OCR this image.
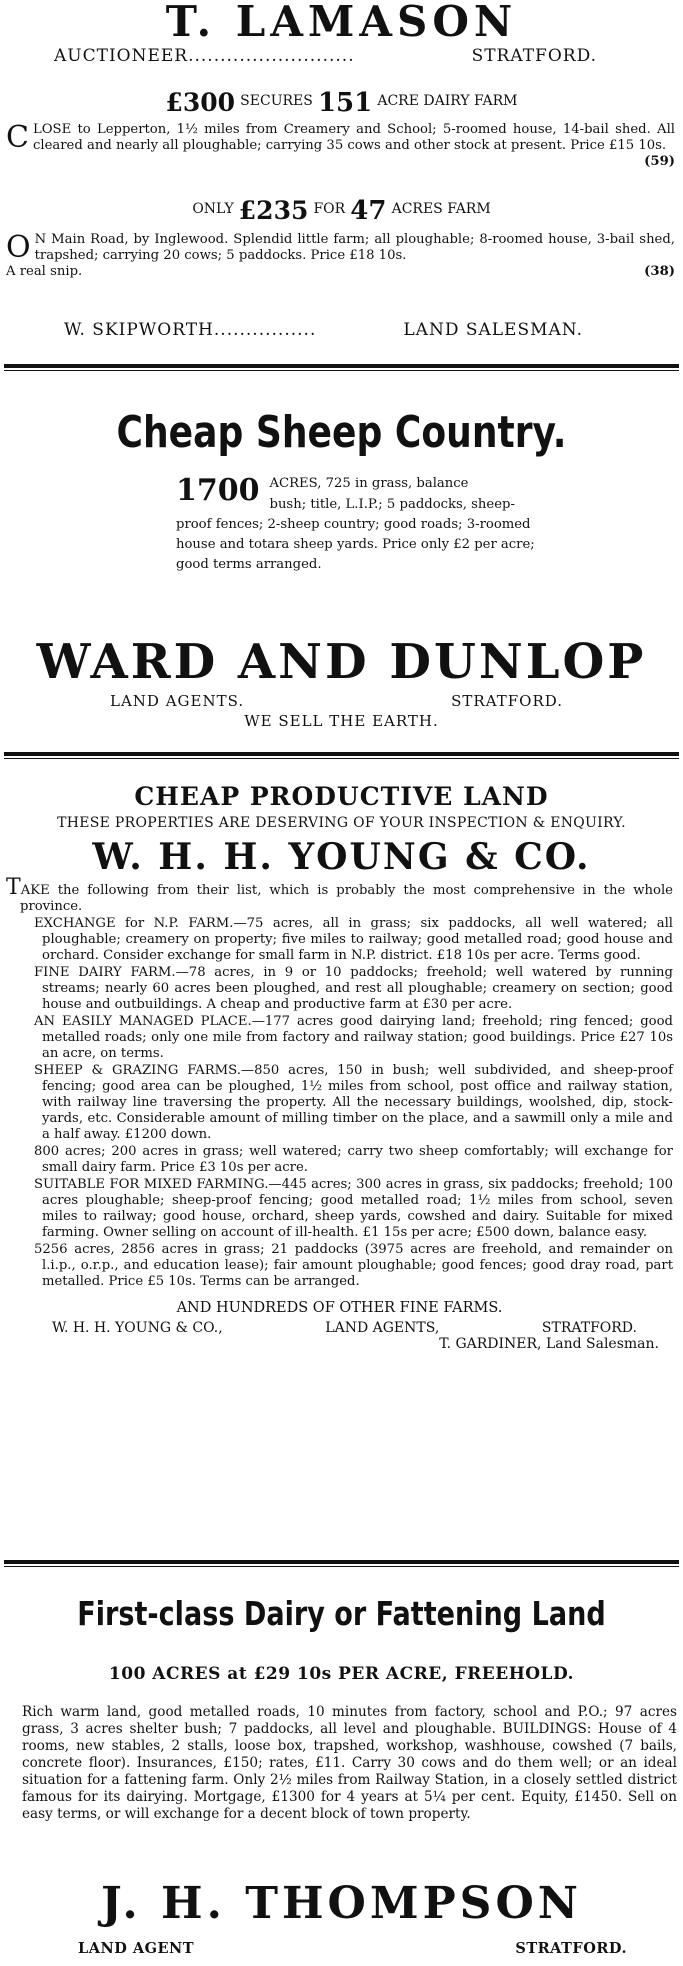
T. LAMASON
AUCTIONEER..........................	STRATFORD.
£300 SECURES 151 ACRE DAIRY FARM
CLOSE to Lepperton, 1½ miles from Creamery and School; 5-roomed house, 14-bail shed. All cleared and nearly all ploughable; carrying 35 cows and other stock at present. Price £15 10s.
(59)
ONLY £235 FOR 47 ACRES FARM
O N Main Road, by Inglewood. Splendid little farm; all ploughable; 8-roomed house, 3-bail shed, trapshed; carrying 20 cows; 5 paddocks. Price £18 10s.
A real snip.	(38)
W. SKIPWORTH................	LAND SALESMAN.
Cheap Sheep Country.

1700 ACRES, 725 in grass, balance
bush; title, L.I.P.; 5 paddocks, sheep-proof fences; 2-sheep country; good roads; 3-roomed house and totara sheep yards. Price only £2 per acre; good terms arranged.

WARD AND DUNLOP
LAND AGENTS.	STRATFORD.
WE SELL THE EARTH.
CHEAP PRODUCTIVE LAND
THESE PROPERTIES ARE DESERVING OF YOUR INSPECTION & ENQUIRY.
W. H. H. YOUNG & CO.

TAKE the following from their list, which is probably the most comprehensive in the whole province.

EXCHANGE for N.P. FARM.—75 acres, all in grass; six paddocks, all well watered; all ploughable; creamery on property; five miles to railway; good metalled road; good house and orchard. Consider exchange for small farm in N.P. district. £18 10s per acre. Terms good.

FINE DAIRY FARM.—78 acres, in 9 or 10 paddocks; freehold; well watered by running streams; nearly 60 acres been ploughed, and rest all ploughable; creamery on section; good house and outbuildings. A cheap and productive farm at £30 per acre.

AN EASILY MANAGED PLACE.—177 acres good dairying land; freehold; ring fenced; good metalled roads; only one mile from factory and railway station; good buildings. Price £27 10s an acre, on terms.

SHEEP & GRAZING FARMS.—850 acres, 150 in bush; well subdivided, and sheep-proof fencing; good area can be ploughed, 1½ miles from school, post office and railway station, with railway line traversing the property. All the necessary buildings, woolshed, dip, stock-yards, etc. Considerable amount of milling timber on the place, and a sawmill only a mile and a half away. £1200 down.

800 acres; 200 acres in grass; well watered; carry two sheep comfortably; will exchange for small dairy farm. Price £3 10s per acre.

SUITABLE FOR MIXED FARMING.—445 acres; 300 acres in grass, six paddocks; freehold; 100 acres ploughable; sheep-proof fencing; good metalled road; 1½ miles from school, seven miles to railway; good house, orchard, sheep yards, cowshed and dairy. Suitable for mixed farming. Owner selling on account of ill-health. £1 15s per acre; £500 down, balance easy.

5256 acres, 2856 acres in grass; 21 paddocks (3975 acres are freehold, and remainder on l.i.p., o.r.p., and education lease); fair amount ploughable; good fences; good dray road, part metalled. Price £5 10s. Terms can be arranged.

AND HUNDREDS OF OTHER FINE FARMS.
W. H. H. YOUNG & CO.,	LAND AGENTS,	STRATFORD.
T. GARDINER, Land Salesman.
First-class Dairy or Fattening Land
100 ACRES at £29 10s PER ACRE, FREEHOLD.

Rich warm land, good metalled roads, 10 minutes from factory, school and P.O.; 97 acres grass, 3 acres shelter bush; 7 paddocks, all level and ploughable. BUILDINGS: House of 4 rooms, new stables, 2 stalls, loose box, trapshed, workshop, washhouse, cowshed (7 bails, concrete floor). Insurances, £150; rates, £11. Carry 30 cows and do them well; or an ideal situation for a fattening farm. Only 2½ miles from Railway Station, in a closely settled district famous for its dairying. Mortgage, £1300 for 4 years at 5¼ per cent. Equity, £1450. Sell on easy terms, or will exchange for a decent block of town property.

J. H. THOMPSON
LAND AGENT	STRATFORD.
